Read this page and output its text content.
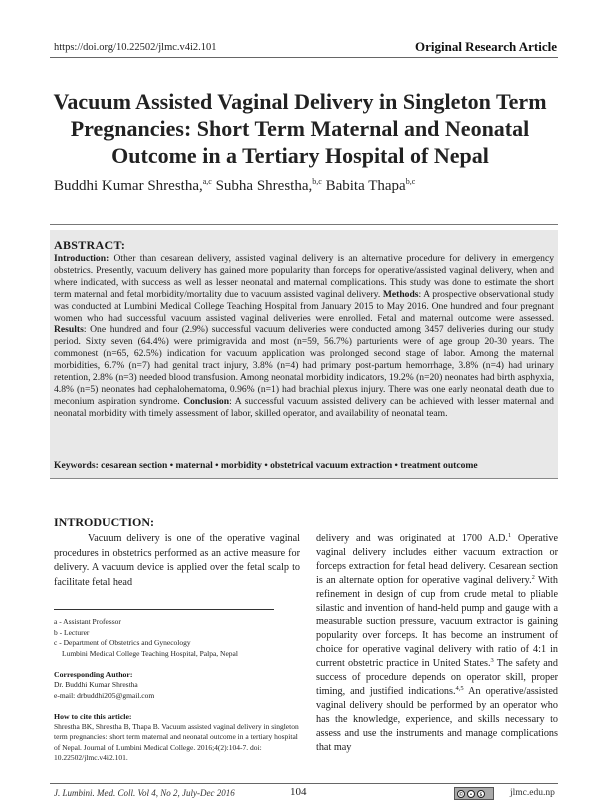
https://doi.org/10.22502/jlmc.v4i2.101	Original Research Article
Vacuum Assisted Vaginal Delivery in Singleton Term Pregnancies: Short Term Maternal and Neonatal Outcome in a Tertiary Hospital of Nepal
Buddhi Kumar Shrestha,$^{a,c}$ Subha Shrestha,$^{b,c}$ Babita Thapa$^{b,c}$
ABSTRACT:

Introduction: Other than cesarean delivery, assisted vaginal delivery is an alternative procedure for delivery in emergency obstetrics. Presently, vacuum delivery has gained more popularity than forceps for operative/assisted vaginal delivery, when and where indicated, with success as well as lesser neonatal and maternal complications. This study was done to estimate the short term maternal and fetal morbidity/mortality due to vacuum assisted vaginal delivery. Methods: A prospective observational study was conducted at Lumbini Medical College Teaching Hospital from January 2015 to May 2016. One hundred and four pregnant women who had successful vacuum assisted vaginal deliveries were enrolled. Fetal and maternal outcome were assessed. Results: One hundred and four (2.9%) successful vacuum deliveries were conducted among 3457 deliveries during our study period. Sixty seven (64.4%) were primigravida and most (n=59, 56.7%) parturients were of age group 20-30 years. The commonest (n=65, 62.5%) indication for vacuum application was prolonged second stage of labor. Among the maternal morbidities, 6.7% (n=7) had genital tract injury, 3.8% (n=4) had primary post-partum hemorrhage, 3.8% (n=4) had urinary retention, 2.8% (n=3) needed blood transfusion. Among neonatal morbidity indicators, 19.2% (n=20) neonates had birth asphyxia, 4.8% (n=5) neonates had cephalohematoma, 0.96% (n=1) had brachial plexus injury. There was one early neonatal death due to meconium aspiration syndrome. Conclusion: A successful vacuum assisted delivery can be achieved with lesser maternal and neonatal morbidity with timely assessment of labor, skilled operator, and availability of neonatal team.

Keywords: cesarean section • maternal • morbidity • obstetrical vacuum extraction • treatment outcome
INTRODUCTION:

Vacuum delivery is one of the operative vaginal procedures in obstetrics performed as an active measure for delivery. A vacuum device is applied over the fetal scalp to facilitate fetal head

a - Assistant Professor
b - Lecturer
c - Department of Obstetrics and Gynecology
Lumbini Medical College Teaching Hospital, Palpa, Nepal
Corresponding Author:
Dr. Buddhi Kumar Shrestha
e-mail: drbuddhi205@gmail.com
How to cite this article:

Shrestha BK, Shrestha B, Thapa B. Vacuum assisted vaginal delivery in singleton term pregnancies: short term maternal and neonatal outcome in a tertiary hospital of Nepal. Journal of Lumbini Medical College. 2016;4(2):104-7. doi: 10.22502/jlmc.v4i2.101.

delivery and was originated at 1700 A.D.$^1$ Operative vaginal delivery includes either vacuum extraction or forceps extraction for fetal head delivery. Cesarean section is an alternate option for operative vaginal delivery.$^2$ With refinement in design of cup from crude metal to pliable silastic and invention of hand-held pump and gauge with a measurable suction pressure, vacuum extractor is gaining popularity over forceps. It has become an instrument of choice for operative vaginal delivery with ratio of 4:1 in current obstetric practice in United States.$^3$ The safety and success of procedure depends on operator skill, proper timing, and justified indications.$^{4,5}$ An operative/assisted vaginal delivery should be performed by an operator who has the knowledge, experience, and skills necessary to assess and use the instruments and manage complications that may

J. Lumbini. Med. Coll. Vol 4, No 2, July-Dec 2016	104	©	•	$	jlmc.edu.np
